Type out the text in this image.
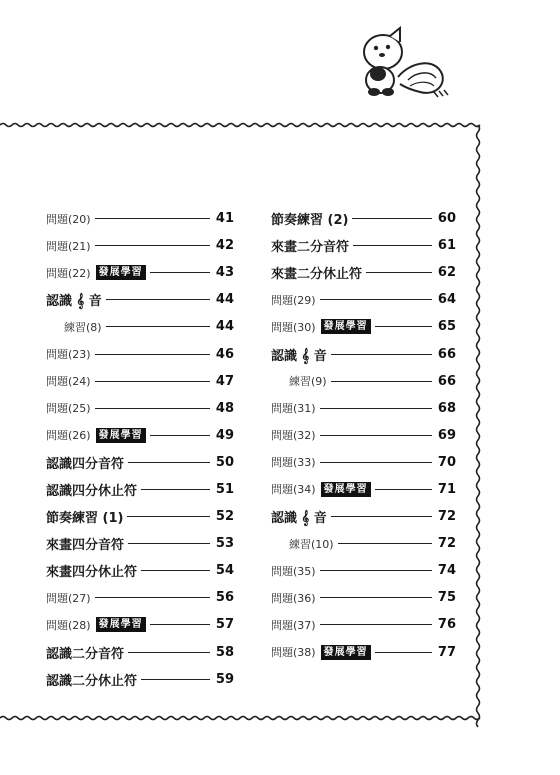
問題(20)	41
問題(21)	42
問題(22) 發展學習	43
認識 𝄞 音	44
練習(8)	44
問題(23)	46
問題(24)	47
問題(25)	48
問題(26) 發展學習	49
認識四分音符	50
認識四分休止符	51
節奏練習 (1)	52
來畫四分音符	53
來畫四分休止符	54
問題(27)	56
問題(28) 發展學習	57
認識二分音符	58
認識二分休止符	59
節奏練習 (2)	60
來畫二分音符	61
來畫二分休止符	62
問題(29)	64
問題(30) 發展學習	65
認識 𝄞 音	66
練習(9)	66
問題(31)	68
問題(32)	69
問題(33)	70
問題(34) 發展學習	71
認識 𝄞 音	72
練習(10)	72
問題(35)	74
問題(36)	75
問題(37)	76
問題(38) 發展學習	77
